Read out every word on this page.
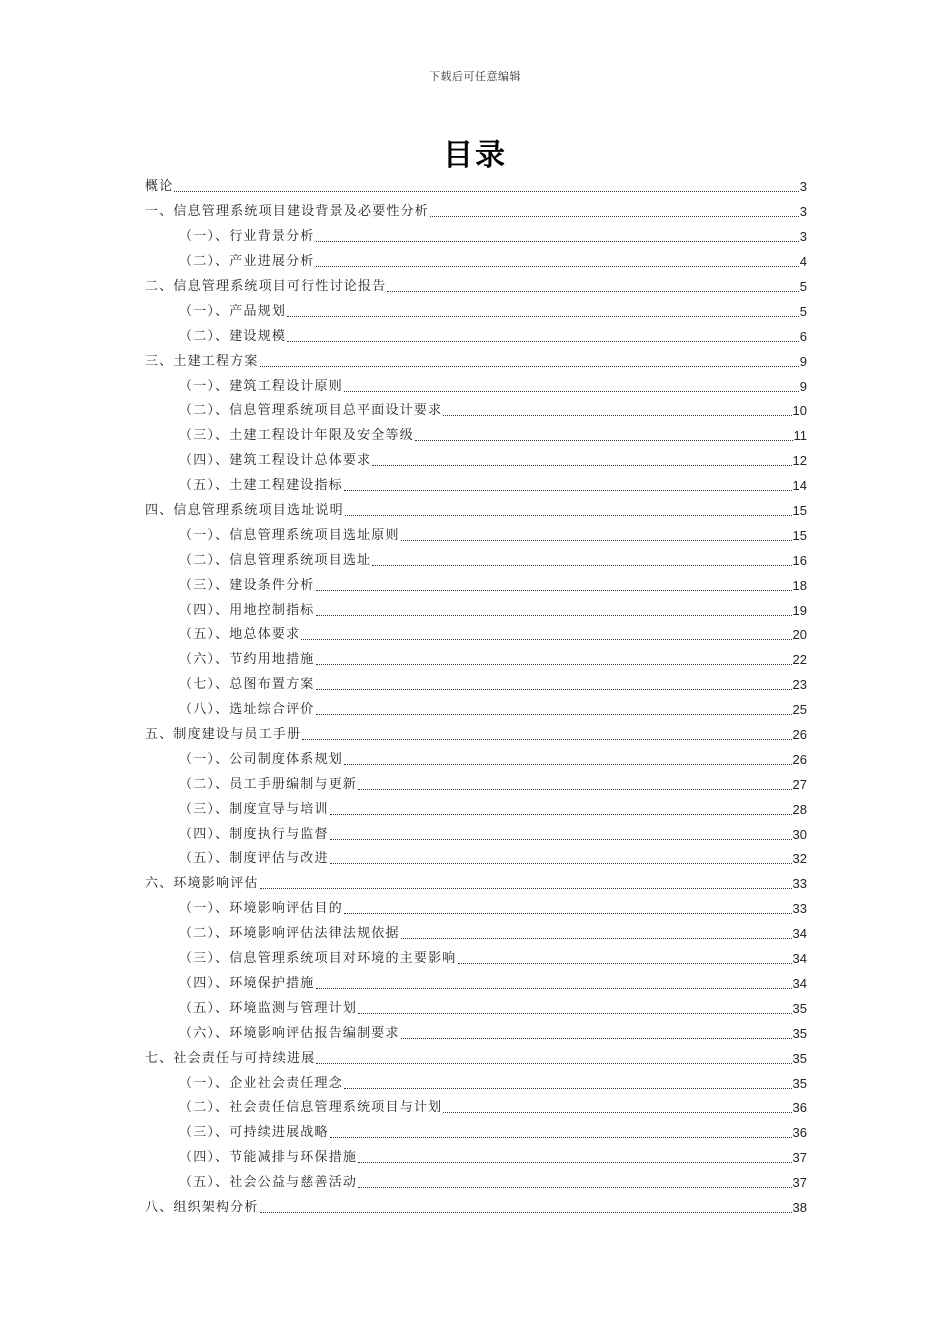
下载后可任意编辑
目录
概论	3
一、信息管理系统项目建设背景及必要性分析	3
（一）、行业背景分析	3
（二）、产业进展分析	4
二、信息管理系统项目可行性讨论报告	5
（一）、产品规划	5
（二）、建设规模	6
三、土建工程方案	9
（一）、建筑工程设计原则	9
（二）、信息管理系统项目总平面设计要求	10
（三）、土建工程设计年限及安全等级	11
（四）、建筑工程设计总体要求	12
（五）、土建工程建设指标	14
四、信息管理系统项目选址说明	15
（一）、信息管理系统项目选址原则	15
（二）、信息管理系统项目选址	16
（三）、建设条件分析	18
（四）、用地控制指标	19
（五）、地总体要求	20
（六）、节约用地措施	22
（七）、总图布置方案	23
（八）、选址综合评价	25
五、制度建设与员工手册	26
（一）、公司制度体系规划	26
（二）、员工手册编制与更新	27
（三）、制度宣导与培训	28
（四）、制度执行与监督	30
（五）、制度评估与改进	32
六、环境影响评估	33
（一）、环境影响评估目的	33
（二）、环境影响评估法律法规依据	34
（三）、信息管理系统项目对环境的主要影响	34
（四）、环境保护措施	34
（五）、环境监测与管理计划	35
（六）、环境影响评估报告编制要求	35
七、社会责任与可持续进展	35
（一）、企业社会责任理念	35
（二）、社会责任信息管理系统项目与计划	36
（三）、可持续进展战略	36
（四）、节能减排与环保措施	37
（五）、社会公益与慈善活动	37
八、组织架构分析	38
